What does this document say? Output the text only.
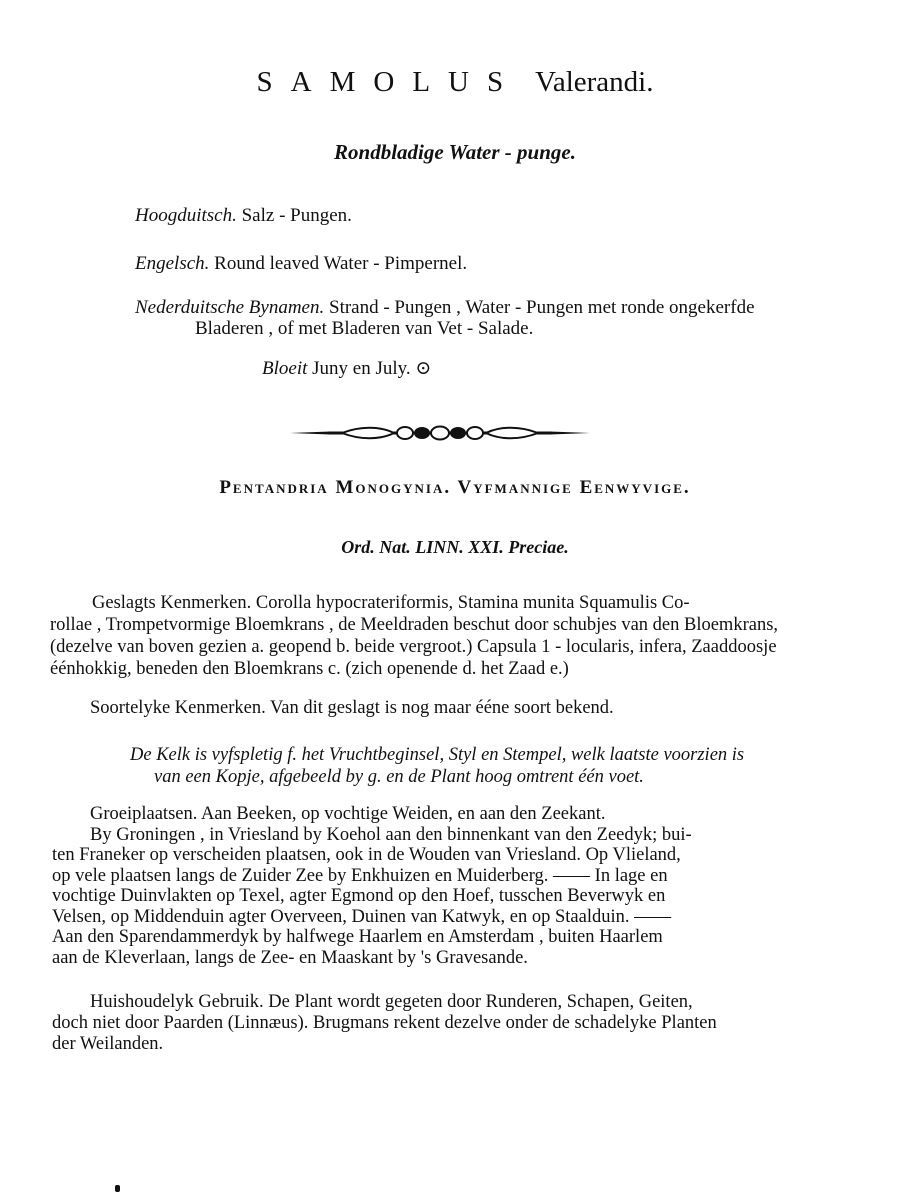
SAMOLUS Valerandi.
Rondbladige Water - punge.
Hoogduitsch. Salz - Pungen.
Engelsch. Round leaved Water - Pimpernel.
Nederduitsche Bynamen. Strand - Pungen , Water - Pungen met ronde ongekerfde
Bladeren , of met Bladeren van Vet - Salade.
Bloeit Juny en July. ⊙
Pentandria Monogynia. Vyfmannige Eenwyvige.
Ord. Nat. LINN. XXI. Preciae.
Geslagts Kenmerken. Corolla hypocrateriformis, Stamina munita Squamulis Co-
rollae , Trompetvormige Bloemkrans , de Meeldraden beschut door schubjes van den Bloemkrans,
(dezelve van boven gezien a. geopend b. beide vergroot.) Capsula 1 - locularis, infera, Zaaddoosje
éénhokkig, beneden den Bloemkrans c. (zich openende d. het Zaad e.)
Soortelyke Kenmerken. Van dit geslagt is nog maar ééne soort bekend.
De Kelk is vyfspletig f. het Vruchtbeginsel, Styl en Stempel, welk laatste voorzien is
van een Kopje, afgebeeld by g. en de Plant hoog omtrent één voet.
Groeiplaatsen. Aan Beeken, op vochtige Weiden, en aan den Zeekant.
By Groningen , in Vriesland by Koehol aan den binnenkant van den Zeedyk; bui-
ten Franeker op verscheiden plaatsen, ook in de Wouden van Vriesland. Op Vlieland,
op vele plaatsen langs de Zuider Zee by Enkhuizen en Muiderberg. —— In lage en
vochtige Duinvlakten op Texel, agter Egmond op den Hoef, tusschen Beverwyk en
Velsen, op Middenduin agter Overveen, Duinen van Katwyk, en op Staalduin. ——
Aan den Sparendammerdyk by halfwege Haarlem en Amsterdam , buiten Haarlem
aan de Kleverlaan, langs de Zee- en Maaskant by 's Gravesande.
Huishoudelyk Gebruik. De Plant wordt gegeten door Runderen, Schapen, Geiten,
doch niet door Paarden (Linnæus). Brugmans rekent dezelve onder de schadelyke Planten
der Weilanden.
